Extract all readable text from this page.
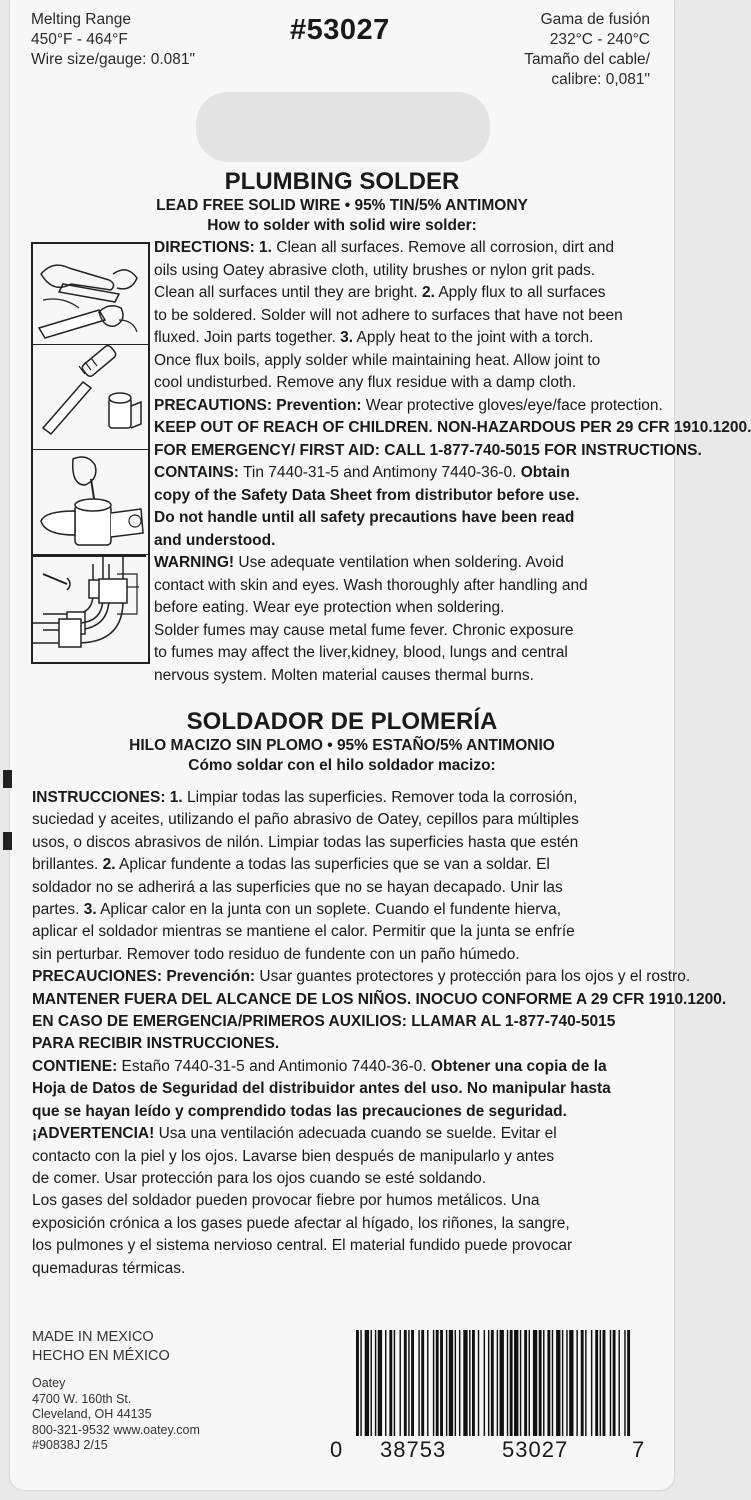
Melting Range
450°F - 464°F
Wire size/gauge: 0.081"
#53027	Gama de fusión
232°C - 240°C
Tamaño del cable/
calibre: 0,081"
PLUMBING SOLDER
LEAD FREE SOLID WIRE • 95% TIN/5% ANTIMONY
How to solder with solid wire solder:
DIRECTIONS: 1. Clean all surfaces. Remove all corrosion, dirt and
oils using Oatey abrasive cloth, utility brushes or nylon grit pads.
Clean all surfaces until they are bright. 2. Apply flux to all surfaces
to be soldered. Solder will not adhere to surfaces that have not been
fluxed. Join parts together. 3. Apply heat to the joint with a torch.
Once flux boils, apply solder while maintaining heat. Allow joint to
cool undisturbed. Remove any flux residue with a damp cloth.
PRECAUTIONS: Prevention: Wear protective gloves/eye/face protection.
KEEP OUT OF REACH OF CHILDREN. NON-HAZARDOUS PER 29 CFR 1910.1200.
FOR EMERGENCY/ FIRST AID: CALL 1-877-740-5015 FOR INSTRUCTIONS.
CONTAINS: Tin 7440-31-5 and Antimony 7440-36-0. Obtain
copy of the Safety Data Sheet from distributor before use.
Do not handle until all safety precautions have been read
and understood.
WARNING! Use adequate ventilation when soldering. Avoid
contact with skin and eyes. Wash thoroughly after handling and
before eating. Wear eye protection when soldering.
Solder fumes may cause metal fume fever. Chronic exposure
to fumes may affect the liver,kidney, blood, lungs and central
nervous system. Molten material causes thermal burns.
SOLDADOR DE PLOMERÍA
HILO MACIZO SIN PLOMO • 95% ESTAÑO/5% ANTIMONIO
Cómo soldar con el hilo soldador macizo:
INSTRUCCIONES: 1. Limpiar todas las superficies. Remover toda la corrosión,
suciedad y aceites, utilizando el paño abrasivo de Oatey, cepillos para múltiples
usos, o discos abrasivos de nilón. Limpiar todas las superficies hasta que estén
brillantes. 2. Aplicar fundente a todas las superficies que se van a soldar. El
soldador no se adherirá a las superficies que no se hayan decapado. Unir las
partes. 3. Aplicar calor en la junta con un soplete. Cuando el fundente hierva,
aplicar el soldador mientras se mantiene el calor. Permitir que la junta se enfríe
sin perturbar. Remover todo residuo de fundente con un paño húmedo.
PRECAUCIONES: Prevención: Usar guantes protectores y protección para los ojos y el rostro.
MANTENER FUERA DEL ALCANCE DE LOS NIÑOS. INOCUO CONFORME A 29 CFR 1910.1200.
EN CASO DE EMERGENCIA/PRIMEROS AUXILIOS: LLAMAR AL 1-877-740-5015
PARA RECIBIR INSTRUCCIONES.
CONTIENE: Estaño 7440-31-5 and Antimonio 7440-36-0. Obtener una copia de la
Hoja de Datos de Seguridad del distribuidor antes del uso. No manipular hasta
que se hayan leído y comprendido todas las precauciones de seguridad.
¡ADVERTENCIA! Usa una ventilación adecuada cuando se suelde. Evitar el
contacto con la piel y los ojos. Lavarse bien después de manipularlo y antes
de comer. Usar protección para los ojos cuando se esté soldando.
Los gases del soldador pueden provocar fiebre por humos metálicos. Una
exposición crónica a los gases puede afectar al hígado, los riñones, la sangre,
los pulmones y el sistema nervioso central. El material fundido puede provocar
quemaduras térmicas.
MADE IN MEXICO
HECHO EN MÉXICO
Oatey
4700 W. 160th St.
Cleveland, OH 44135
800-321-9532 www.oatey.com
#90838J 2/15	0 38753	53027	7
